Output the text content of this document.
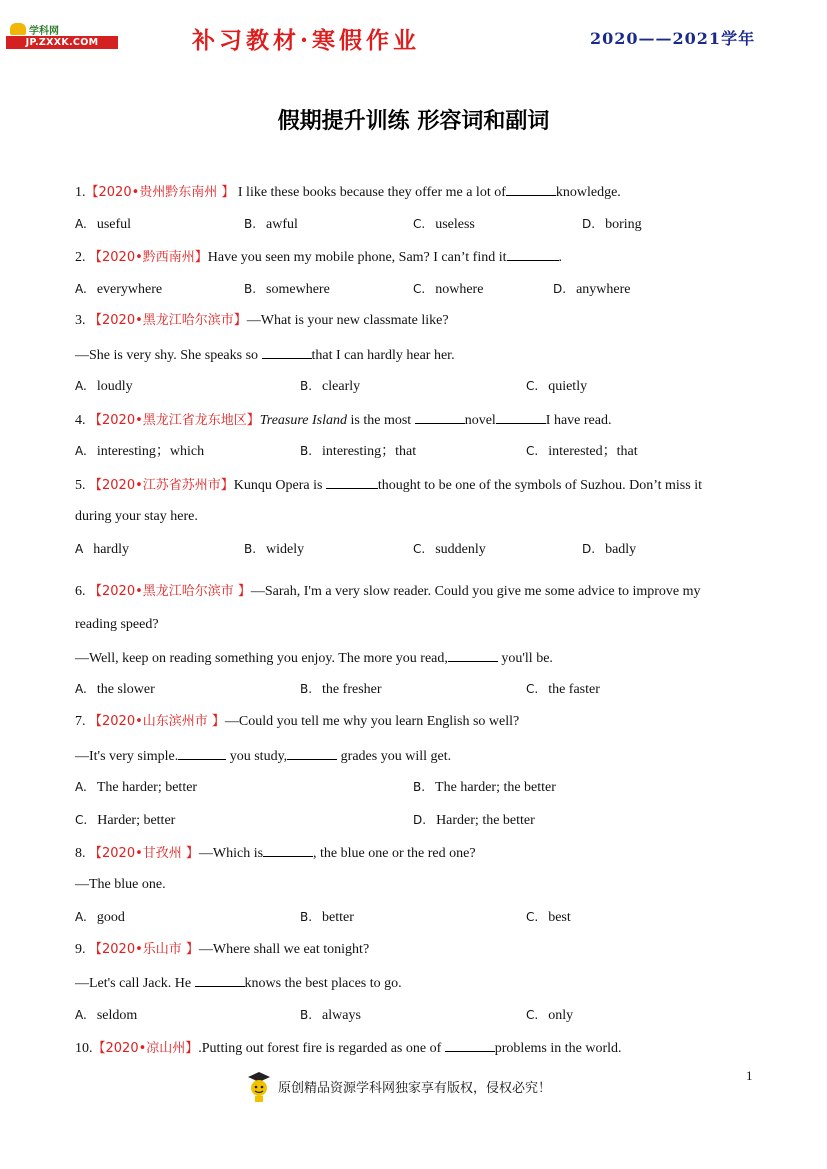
学科网
JP.ZXXK.COM	补习教材·寒假作业	2020——2021学年
假期提升训练 形容词和副词
1.【2020•贵州黔东南州 】 I like these books because they offer me a lot of	knowledge.
A. useful	B. awful	C. useless	D. boring
2. 【2020•黔西南州】Have you seen my mobile phone, Sam? I can’t find it	.
A. everywhere	B. somewhere	C. nowhere	D. anywhere
3. 【2020•黑龙江哈尔滨市】—What is your new classmate like?
—She is very shy. She speaks so	that I can hardly hear her.
A. loudly	B. clearly	C. quietly
4. 【2020•黑龙江省龙东地区】Treasure Island is the most	novel	I have read.
A. interesting；which	B. interesting；that	C. interested；that
5. 【2020•江苏省苏州市】Kunqu Opera is	thought to be one of the symbols of Suzhou. Don’t miss it
during your stay here.
A hardly	B. widely	C. suddenly	D. badly
6. 【2020•黑龙江哈尔滨市 】—Sarah, I'm a very slow reader. Could you give me some advice to improve my
reading speed?
—Well, keep on reading something you enjoy. The more you read,	you'll be.
A. the slower	B. the fresher	C. the faster
7. 【2020•山东滨州市 】—Could you tell me why you learn English so well?
—It's very simple.	you study,	grades you will get.
A. The harder; better	B. The harder; the better
C. Harder; better	D. Harder; the better
8. 【2020•甘孜州 】—Which is	, the blue one or the red one?
—The blue one.
A. good	B. better	C. best
9. 【2020•乐山市 】—Where shall we eat tonight?
—Let's call Jack. He	knows the best places to go.
A. seldom	B. always	C. only
10.【2020•凉山州】.Putting out forest fire is regarded as one of	problems in the world.
1
原创精品资源学科网独家享有版权，侵权必究！
